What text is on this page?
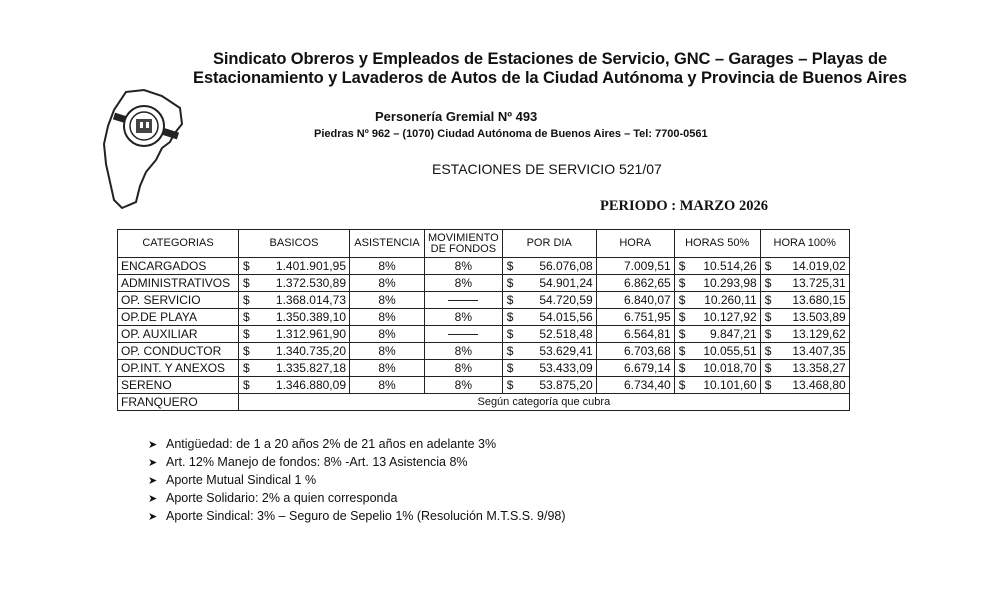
Sindicato Obreros y Empleados de Estaciones de Servicio, GNC – Garages – Playas de
Estacionamiento y Lavaderos de Autos de la Ciudad Autónoma y Provincia de Buenos Aires
Personería Gremial Nº 493
Piedras Nº 962 – (1070) Ciudad Autónoma de Buenos Aires – Tel: 7700-0561
ESTACIONES DE SERVICIO 521/07
PERIODO : MARZO 2026
CATEGORIAS	BASICOS	ASISTENCIA	MOVIMIENTO
DE FONDOS	POR DIA	HORA	HORAS 50%	HORA 100%
ENCARGADOS	$ 1.401.901,95	8%	8%	$ 56.076,08	7.009,51	$ 10.514,26	$ 14.019,02
ADMINISTRATIVOS	$ 1.372.530,89	8%	8%	$ 54.901,24	6.862,65	$ 10.293,98	$ 13.725,31
OP. SERVICIO	$ 1.368.014,73	8%		$ 54.720,59	6.840,07	$ 10.260,11	$ 13.680,15
OP.DE PLAYA	$ 1.350.389,10	8%	8%	$ 54.015,56	6.751,95	$ 10.127,92	$ 13.503,89
OP. AUXILIAR	$ 1.312.961,90	8%		$ 52.518,48	6.564,81	$ 9.847,21	$ 13.129,62
OP. CONDUCTOR	$ 1.340.735,20	8%	8%	$ 53.629,41	6.703,68	$ 10.055,51	$ 13.407,35
OP.INT. Y ANEXOS	$ 1.335.827,18	8%	8%	$ 53.433,09	6.679,14	$ 10.018,70	$ 13.358,27
SERENO	$ 1.346.880,09	8%	8%	$ 53.875,20	6.734,40	$ 10.101,60	$ 13.468,80
FRANQUERO	Según categoría que cubra						
➤ Antigüedad: de 1 a 20 años 2% de 21 años en adelante 3%
➤ Art. 12% Manejo de fondos: 8% -Art. 13 Asistencia 8%
➤ Aporte Mutual Sindical 1 %
➤ Aporte Solidario: 2% a quien corresponda
➤ Aporte Sindical: 3% – Seguro de Sepelio 1% (Resolución M.T.S.S. 9/98)
